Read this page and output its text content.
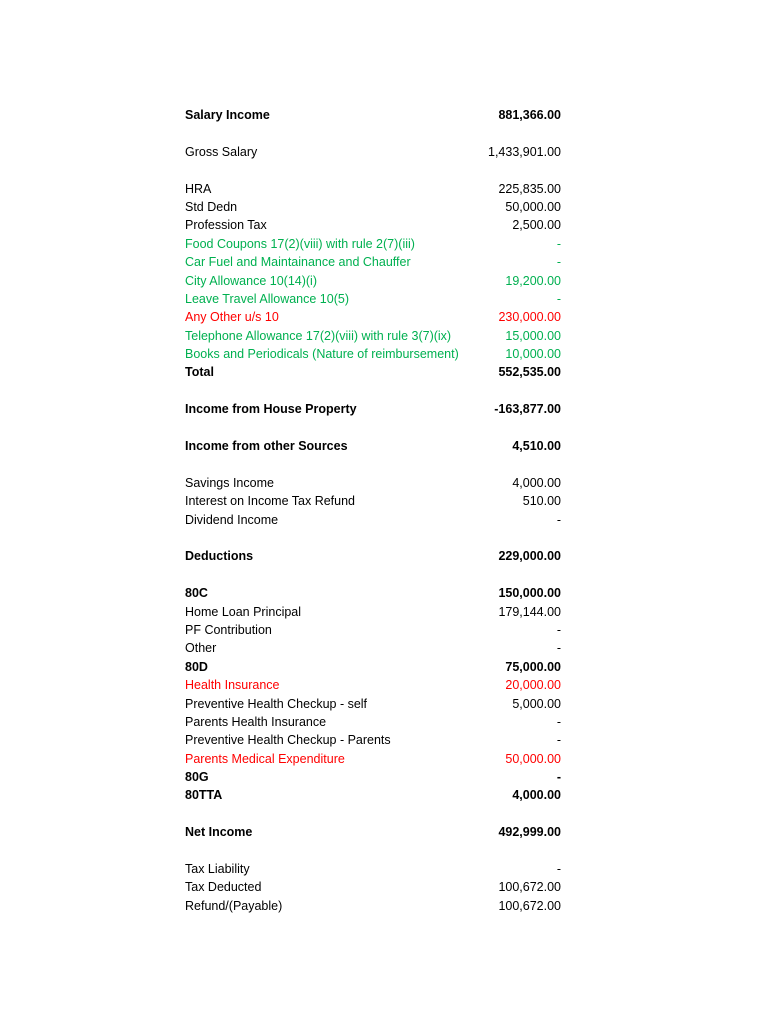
Salary Income	881,366.00
Gross Salary	1,433,901.00
HRA	225,835.00
Std Dedn	50,000.00
Profession Tax	2,500.00
Food Coupons 17(2)(viii) with rule 2(7)(iii)	-
Car Fuel and Maintainance and Chauffer	-
City Allowance 10(14)(i)	19,200.00
Leave Travel Allowance 10(5)	-
Any Other u/s 10	230,000.00
Telephone Allowance 17(2)(viii) with rule 3(7)(ix)	15,000.00
Books and Periodicals (Nature of reimbursement)	10,000.00
Total	552,535.00
Income from House Property	-163,877.00
Income from other Sources	4,510.00
Savings Income	4,000.00
Interest on Income Tax Refund	510.00
Dividend Income	-
Deductions	229,000.00
80C	150,000.00
Home Loan Principal	179,144.00
PF Contribution	-
Other	-
80D	75,000.00
Health Insurance	20,000.00
Preventive Health Checkup - self	5,000.00
Parents Health Insurance	-
Preventive Health Checkup - Parents	-
Parents Medical Expenditure	50,000.00
80G	-
80TTA	4,000.00
Net Income	492,999.00
Tax Liability	-
Tax Deducted	100,672.00
Refund/(Payable)	100,672.00
